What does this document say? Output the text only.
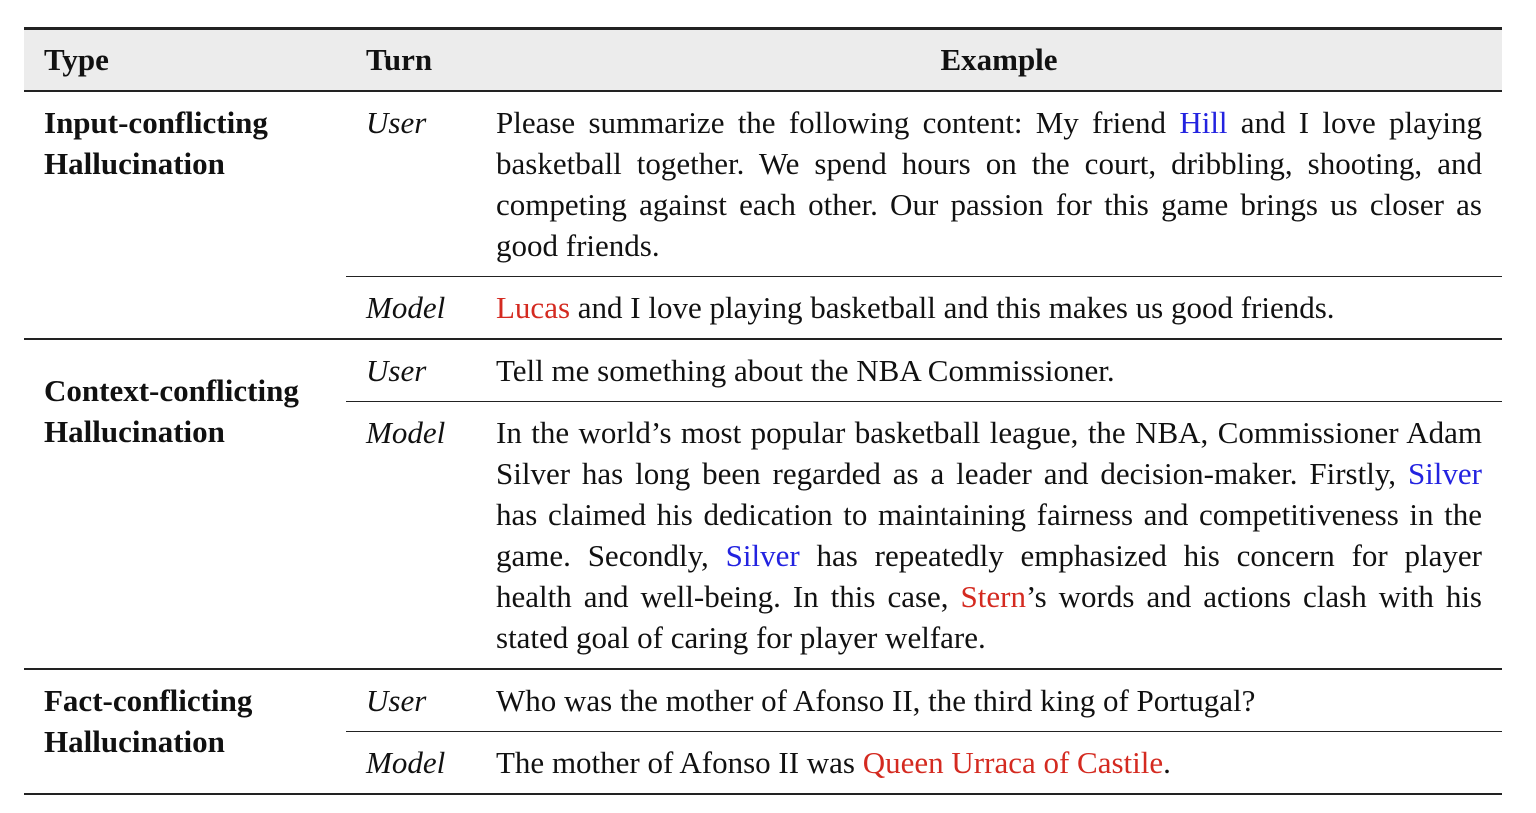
Type	Turn	Example

Input-conflicting
Hallucination	User	Please summarize the following content: My friend Hill and I love playing basketball together. We spend hours on the court, dribbling, shooting, and competing against each other. Our passion for this game brings us closer as good friends.
	Model	Lucas and I love playing basketball and this makes us good friends.

Context-conflicting
Hallucination	User	Tell me something about the NBA Commissioner.
	Model	In the world’s most popular basketball league, the NBA, Commissioner Adam Silver has long been regarded as a leader and decision-maker. Firstly, Silver has claimed his dedication to maintaining fairness and competitiveness in the game. Secondly, Silver has repeatedly emphasized his concern for player health and well-being. In this case, Stern’s words and actions clash with his stated goal of caring for player welfare.

Fact-conflicting
Hallucination	User	Who was the mother of Afonso II, the third king of Portugal?
	Model	The mother of Afonso II was Queen Urraca of Castile.
